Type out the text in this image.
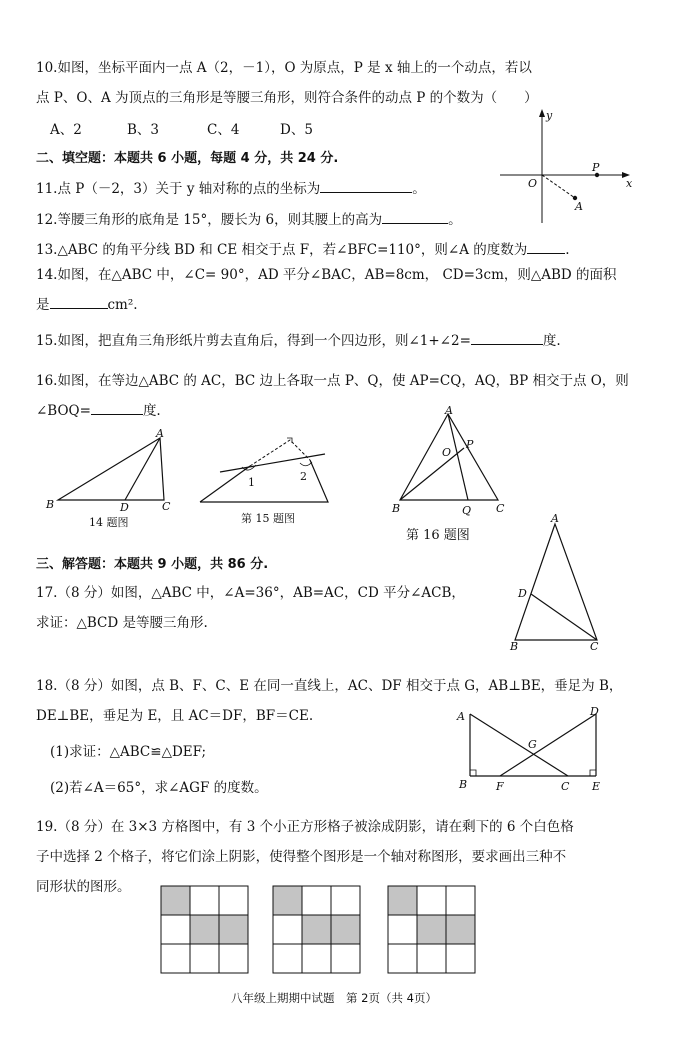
10.如图，坐标平面内一点 A（2，－1），O 为原点，P 是 x 轴上的一个动点，若以
点 P、O、A 为顶点的三角形是等腰三角形，则符合条件的动点 P 的个数为（　　）
A、2	B、3	C、4	D、5
y
x
O
P
A
二、填空题：本题共 6 小题，每题 4 分，共 24 分.
11.点 P（－2，3）关于 y 轴对称的点的坐标为	。
12.等腰三角形的底角是 15°，腰长为 6，则其腰上的高为	。
13.△ABC 的角平分线 BD 和 CE 相交于点 F，若∠BFC=110°，则∠A 的度数为	.
14.如图，在△ABC 中，∠C= 90°，AD 平分∠BAC，AB=8cm， CD=3cm，则△ABD 的面积
是	cm².
15.如图，把直角三角形纸片剪去直角后，得到一个四边形，则∠1+∠2=	度.
16.如图，在等边△ABC 的 AC，BC 边上各取一点 P、Q，使 AP=CQ，AQ，BP 相交于点 O，则
∠BOQ=	度.
A
B	C
D
14 题图
1	2
第 15 题图
A
B	C
O
P
Q
第 16 题图
三、解答题：本题共 9 小题，共 86 分.
17.（8 分）如图，△ABC 中，∠A=36°，AB=AC，CD 平分∠ACB，
求证：△BCD 是等腰三角形.
A
B	C
D
18.（8 分）如图，点 B、F、C、E 在同一直线上，AC、DF 相交于点 G，AB⊥BE，垂足为 B，
DE⊥BE，垂足为 E，且 AC＝DF，BF＝CE.
(1)求证：△ABC≌△DEF;
(2)若∠A＝65°，求∠AGF 的度数。
A	D
G
B	F	C E
19.（8 分）在 3×3 方格图中，有 3 个小正方形格子被涂成阴影，请在剩下的 6 个白色格
子中选择 2 个格子，将它们涂上阴影，使得整个图形是一个轴对称图形，要求画出三种不
同形状的图形。
八年级上期期中试题　第 2页（共 4页）
